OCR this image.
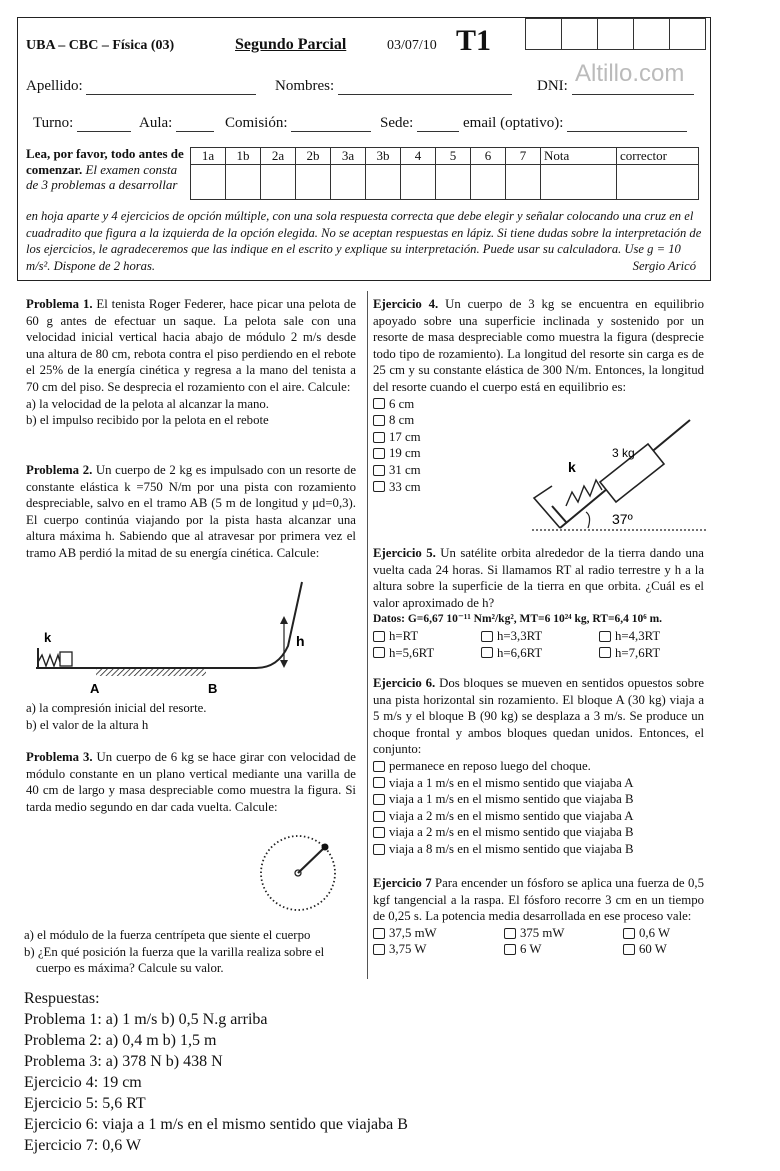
UBA – CBC – Física (03)	Segundo Parcial	03/07/10 T1
Altillo.com
Apellido:	Nombres:	DNI:
Turno:	Aula:	Comisión:	Sede:	email (optativo):
1a	1b	2a	2b	3a	3b	4	5	6	7	Nota	corrector

Lea, por favor, todo antes de comenzar. El examen consta de 3 problemas a desarrollar
en hoja aparte y 4 ejercicios de opción múltiple, con una sola respuesta correcta que debe elegir y señalar colocando una cruz en el cuadradito que figura a la izquierda de la opción elegida. No se aceptan respuestas en lápiz. Si tiene dudas sobre la interpretación de los ejercicios, le agradeceremos que las indique en el escrito y explique su interpretación. Puede usar su calculadora. Use g = 10 m/s². Dispone de 2 horas.	Sergio Aricó

Problema 1. El tenista Roger Federer, hace picar una pelota de 60 g antes de efectuar un saque. La pelota sale con una velocidad inicial vertical hacia abajo de módulo 2 m/s desde una altura de 80 cm, rebota contra el piso perdiendo en el rebote el 25% de la energía cinética y regresa a la mano del tenista a 70 cm del piso. Se desprecia el rozamiento con el aire. Calcule:

a) la velocidad de la pelota al alcanzar la mano.
b) el impulso recibido por la pelota en el rebote

Problema 2. Un cuerpo de 2 kg es impulsado con un resorte de constante elástica k =750 N/m por una pista con rozamiento despreciable, salvo en el tramo AB (5 m de longitud y μd=0,3). El cuerpo continúa viajando por la pista hasta alcanzar una altura máxima h. Sabiendo que al atravesar por primera vez el tramo AB perdió la mitad de su energía cinética. Calcule:

k	h
A	B
a) la compresión inicial del resorte.
b) el valor de la altura h

Problema 3. Un cuerpo de 6 kg se hace girar con velocidad de módulo constante en un plano vertical mediante una varilla de 40 cm de largo y masa despreciable como muestra la figura. Si tarda medio segundo en dar cada vuelta. Calcule:

a) el módulo de la fuerza centrípeta que siente el cuerpo
b) ¿En qué posición la fuerza que la varilla realiza sobre el cuerpo es máxima? Calcule su valor.

Ejercicio 4. Un cuerpo de 3 kg se encuentra en equilibrio apoyado sobre una superficie inclinada y sostenido por un resorte de masa despreciable como muestra la figura (desprecie todo tipo de rozamiento). La longitud del resorte sin carga es de 25 cm y su constante elástica de 300 N/m. Entonces, la longitud del resorte cuando el cuerpo está en equilibrio es:

6 cm
8 cm
17 cm
19 cm
31 cm
33 cm
3 kg
k
37º

Ejercicio 5. Un satélite orbita alrededor de la tierra dando una vuelta cada 24 horas. Si llamamos RT al radio terrestre y h a la altura sobre la superficie de la tierra en que orbita. ¿Cuál es el valor aproximado de h?

Datos: G=6,67 10⁻¹¹ Nm²/kg², MT=6 10²⁴ kg, RT=6,4 10⁶ m.
h=RT	h=3,3RT	h=4,3RT
h=5,6RT	h=6,6RT	h=7,6RT

Ejercicio 6. Dos bloques se mueven en sentidos opuestos sobre una pista horizontal sin rozamiento. El bloque A (30 kg) viaja a 5 m/s y el bloque B (90 kg) se desplaza a 3 m/s. Se produce un choque frontal y ambos bloques quedan unidos. Entonces, el conjunto:

permanece en reposo luego del choque.
viaja a 1 m/s en el mismo sentido que viajaba A
viaja a 1 m/s en el mismo sentido que viajaba B
viaja a 2 m/s en el mismo sentido que viajaba A
viaja a 2 m/s en el mismo sentido que viajaba B
viaja a 8 m/s en el mismo sentido que viajaba B

Ejercicio 7 Para encender un fósforo se aplica una fuerza de 0,5 kgf tangencial a la raspa. El fósforo recorre 3 cm en un tiempo de 0,25 s. La potencia media desarrollada en ese proceso vale:

37,5 mW	375 mW	0,6 W
3,75 W	6 W	60 W
Respuestas:
Problema 1: a) 1 m/s b) 0,5 N.g arriba
Problema 2: a) 0,4 m b) 1,5 m
Problema 3: a) 378 N b) 438 N
Ejercicio 4: 19 cm
Ejercicio 5: 5,6 RT
Ejercicio 6: viaja a 1 m/s en el mismo sentido que viajaba B
Ejercicio 7: 0,6 W
